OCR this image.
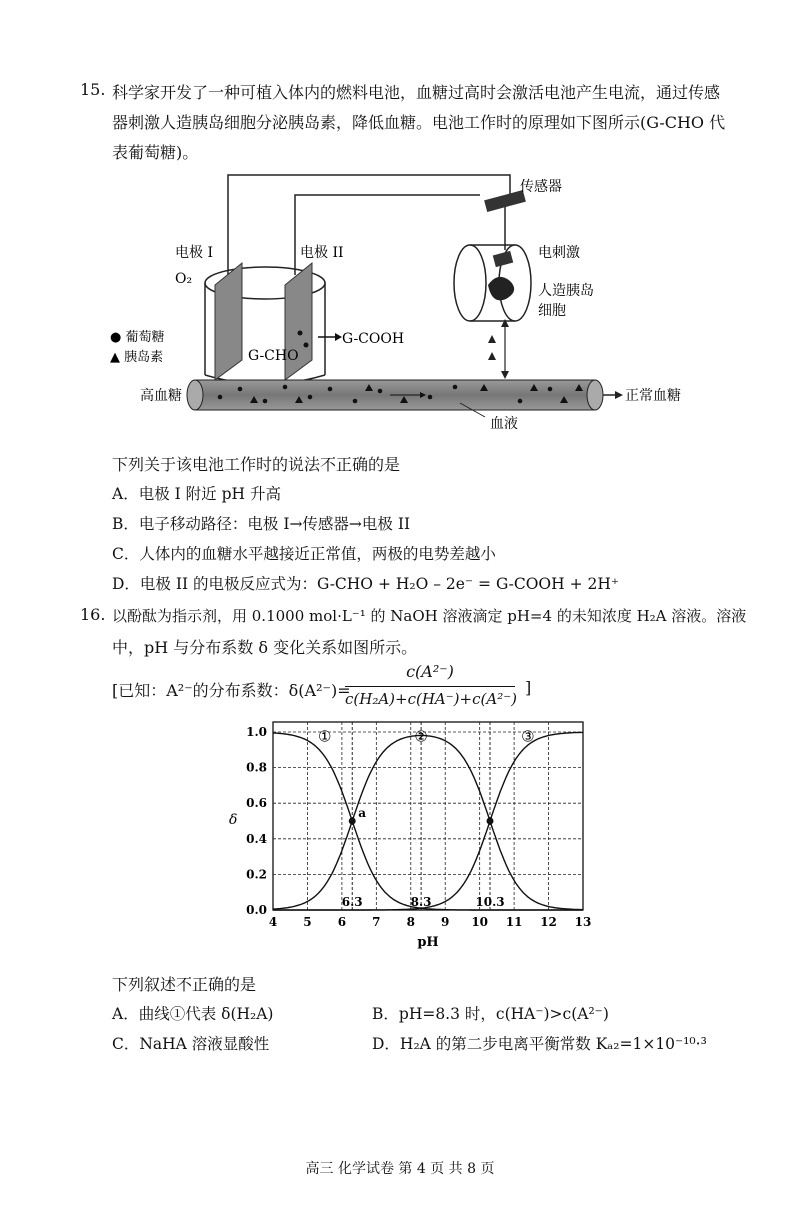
15. 科学家开发了一种可植入体内的燃料电池，血糖过高时会激活电池产生电流，通过传感
器刺激人造胰岛细胞分泌胰岛素，降低血糖。电池工作时的原理如下图所示(G-CHO 代
表葡萄糖)。
传感器
电极 I	电极 II
O₂
G-CHO
G-COOH
● 葡萄糖
▲ 胰岛素
电刺激
人造胰岛
细胞
高血糖	正常血糖
血液
下列关于该电池工作时的说法不正确的是
A．电极 I 附近 pH 升高
B．电子移动路径：电极 I→传感器→电极 II
C．人体内的血糖水平越接近正常值，两极的电势差越小
D．电极 II 的电极反应式为：G-CHO + H₂O – 2e⁻ = G-COOH + 2H⁺
16. 以酚酞为指示剂，用 0.1000 mol·L⁻¹ 的 NaOH 溶液滴定 pH=4 的未知浓度 H₂A 溶液。溶液
中，pH 与分布系数 δ 变化关系如图所示。
[已知：A²⁻的分布系数：δ(A²⁻)=
c(A²⁻)
c(H₂A)+c(HA⁻)+c(A²⁻)
]
4 5 6 7 8 9 10 11 12 13
0.0
0.2
0.4
0.6
0.8
1.0
pH
δ
①	②	③
6.3	8.3	10.3
a
下列叙述不正确的是
A．曲线①代表 δ(H₂A)	B．pH=8.3 时，c(HA⁻)>c(A²⁻)
C．NaHA 溶液显酸性	D．H₂A 的第二步电离平衡常数 Kₐ₂=1×10⁻¹⁰·³
高三 化学试卷 第 4 页 共 8 页
